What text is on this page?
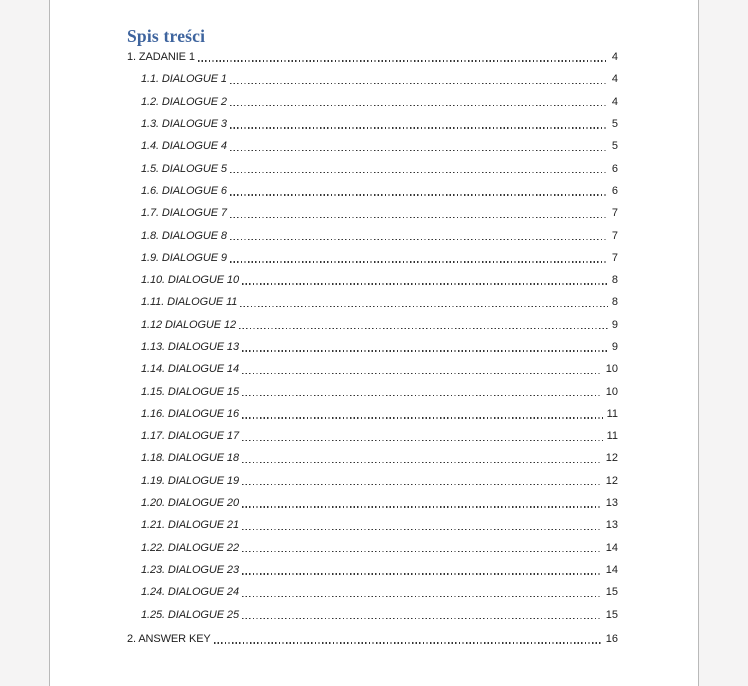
Spis treści
1. ZADANIE 1	4
1.1. DIALOGUE 1	4
1.2. DIALOGUE 2	4
1.3. DIALOGUE 3	5
1.4. DIALOGUE 4	5
1.5. DIALOGUE 5	6
1.6. DIALOGUE 6	6
1.7. DIALOGUE 7	7
1.8. DIALOGUE 8	7
1.9. DIALOGUE 9	7
1.10. DIALOGUE 10	8
1.11. DIALOGUE 11	8
1.12 DIALOGUE 12	9
1.13. DIALOGUE 13	9
1.14. DIALOGUE 14	10
1.15. DIALOGUE 15	10
1.16. DIALOGUE 16	11
1.17. DIALOGUE 17	11
1.18. DIALOGUE 18	12
1.19. DIALOGUE 19	12
1.20. DIALOGUE 20	13
1.21. DIALOGUE 21	13
1.22. DIALOGUE 22	14
1.23. DIALOGUE 23	14
1.24. DIALOGUE 24	15
1.25. DIALOGUE 25	15
2. ANSWER KEY	16
